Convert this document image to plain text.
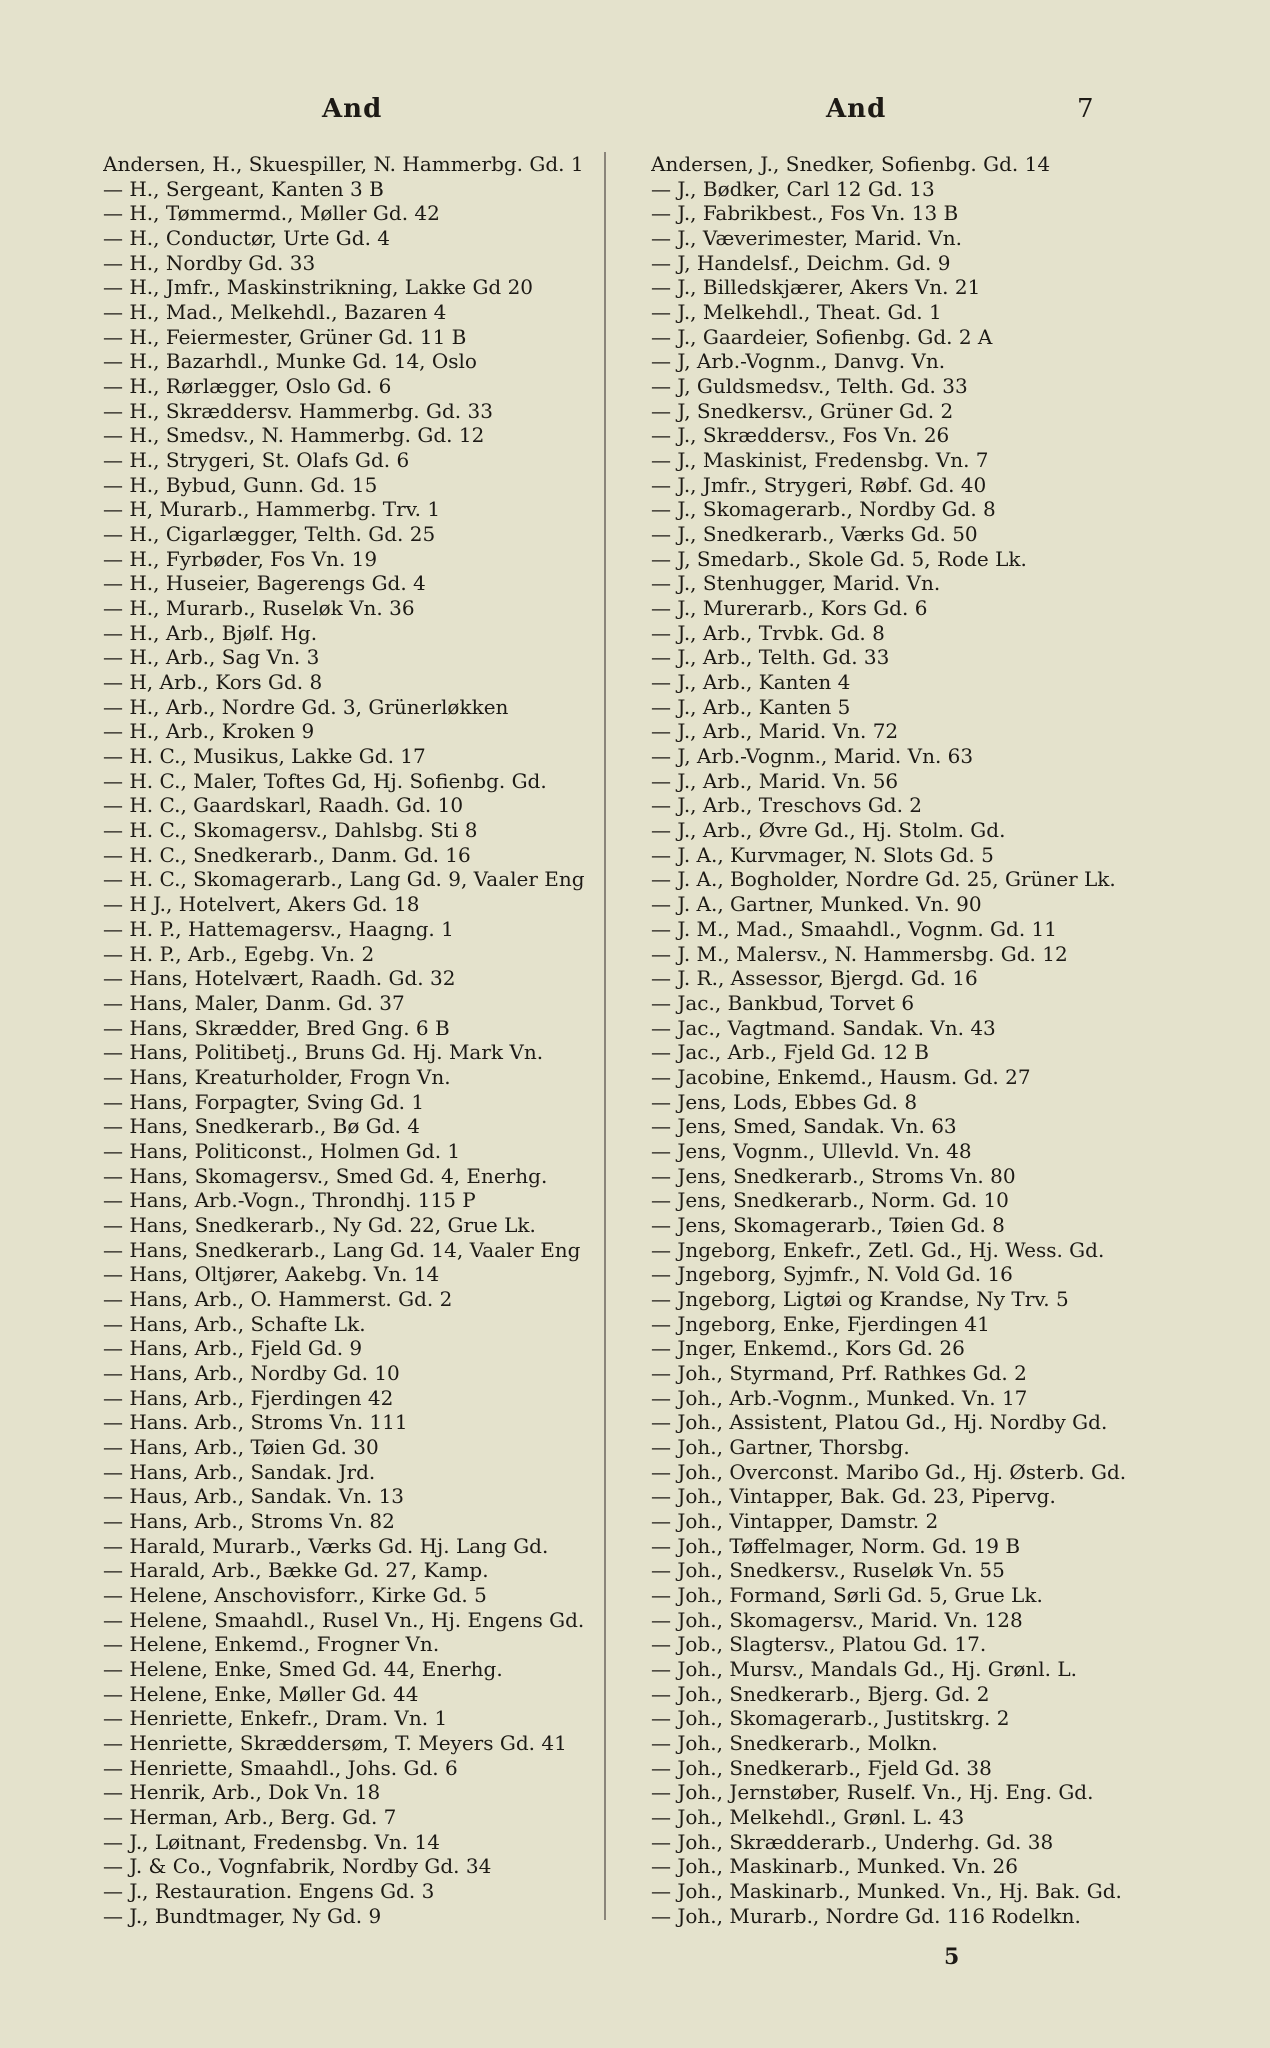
And	And	7
Andersen, H., Skuespiller, N. Hammerbg. Gd. 1
— H., Sergeant, Kanten 3 B
— H., Tømmermd., Møller Gd. 42
— H., Conductør, Urte Gd. 4
— H., Nordby Gd. 33
— H., Jmfr., Maskinstrikning, Lakke Gd 20
— H., Mad., Melkehdl., Bazaren 4
— H., Feiermester, Grüner Gd. 11 B
— H., Bazarhdl., Munke Gd. 14, Oslo
— H., Rørlægger, Oslo Gd. 6
— H., Skræddersv. Hammerbg. Gd. 33
— H., Smedsv., N. Hammerbg. Gd. 12
— H., Strygeri, St. Olafs Gd. 6
— H., Bybud, Gunn. Gd. 15
— H, Murarb., Hammerbg. Trv. 1
— H., Cigarlægger, Telth. Gd. 25
— H., Fyrbøder, Fos Vn. 19
— H., Huseier, Bagerengs Gd. 4
— H., Murarb., Ruseløk Vn. 36
— H., Arb., Bjølf. Hg.
— H., Arb., Sag Vn. 3
— H, Arb., Kors Gd. 8
— H., Arb., Nordre Gd. 3, Grünerløkken
— H., Arb., Kroken 9
— H. C., Musikus, Lakke Gd. 17
— H. C., Maler, Toftes Gd, Hj. Sofienbg. Gd.
— H. C., Gaardskarl, Raadh. Gd. 10
— H. C., Skomagersv., Dahlsbg. Sti 8
— H. C., Snedkerarb., Danm. Gd. 16
— H. C., Skomagerarb., Lang Gd. 9, Vaaler Eng
— H J., Hotelvert, Akers Gd. 18
— H. P., Hattemagersv., Haagng. 1
— H. P., Arb., Egebg. Vn. 2
— Hans, Hotelvært, Raadh. Gd. 32
— Hans, Maler, Danm. Gd. 37
— Hans, Skrædder, Bred Gng. 6 B
— Hans, Politibetj., Bruns Gd. Hj. Mark Vn.
— Hans, Kreaturholder, Frogn Vn.
— Hans, Forpagter, Sving Gd. 1
— Hans, Snedkerarb., Bø Gd. 4
— Hans, Politiconst., Holmen Gd. 1
— Hans, Skomagersv., Smed Gd. 4, Enerhg.
— Hans, Arb.-Vogn., Throndhj. 115 P
— Hans, Snedkerarb., Ny Gd. 22, Grue Lk.
— Hans, Snedkerarb., Lang Gd. 14, Vaaler Eng
— Hans, Oltjører, Aakebg. Vn. 14
— Hans, Arb., O. Hammerst. Gd. 2
— Hans, Arb., Schafte Lk.
— Hans, Arb., Fjeld Gd. 9
— Hans, Arb., Nordby Gd. 10
— Hans, Arb., Fjerdingen 42
— Hans. Arb., Stroms Vn. 111
— Hans, Arb., Tøien Gd. 30
— Hans, Arb., Sandak. Jrd.
— Haus, Arb., Sandak. Vn. 13
— Hans, Arb., Stroms Vn. 82
— Harald, Murarb., Værks Gd. Hj. Lang Gd.
— Harald, Arb., Bække Gd. 27, Kamp.
— Helene, Anschovisforr., Kirke Gd. 5
— Helene, Smaahdl., Rusel Vn., Hj. Engens Gd.
— Helene, Enkemd., Frogner Vn.
— Helene, Enke, Smed Gd. 44, Enerhg.
— Helene, Enke, Møller Gd. 44
— Henriette, Enkefr., Dram. Vn. 1
— Henriette, Skræddersøm, T. Meyers Gd. 41
— Henriette, Smaahdl., Johs. Gd. 6
— Henrik, Arb., Dok Vn. 18
— Herman, Arb., Berg. Gd. 7
— J., Løitnant, Fredensbg. Vn. 14
— J. & Co., Vognfabrik, Nordby Gd. 34
— J., Restauration. Engens Gd. 3
— J., Bundtmager, Ny Gd. 9
Andersen, J., Snedker, Sofienbg. Gd. 14
— J., Bødker, Carl 12 Gd. 13
— J., Fabrikbest., Fos Vn. 13 B
— J., Væverimester, Marid. Vn.
— J, Handelsf., Deichm. Gd. 9
— J., Billedskjærer, Akers Vn. 21
— J., Melkehdl., Theat. Gd. 1
— J., Gaardeier, Sofienbg. Gd. 2 A
— J, Arb.-Vognm., Danvg. Vn.
— J, Guldsmedsv., Telth. Gd. 33
— J, Snedkersv., Grüner Gd. 2
— J., Skræddersv., Fos Vn. 26
— J., Maskinist, Fredensbg. Vn. 7
— J., Jmfr., Strygeri, Røbf. Gd. 40
— J., Skomagerarb., Nordby Gd. 8
— J., Snedkerarb., Værks Gd. 50
— J, Smedarb., Skole Gd. 5, Rode Lk.
— J., Stenhugger, Marid. Vn.
— J., Murerarb., Kors Gd. 6
— J., Arb., Trvbk. Gd. 8
— J., Arb., Telth. Gd. 33
— J., Arb., Kanten 4
— J., Arb., Kanten 5
— J., Arb., Marid. Vn. 72
— J, Arb.-Vognm., Marid. Vn. 63
— J., Arb., Marid. Vn. 56
— J., Arb., Treschovs Gd. 2
— J., Arb., Øvre Gd., Hj. Stolm. Gd.
— J. A., Kurvmager, N. Slots Gd. 5
— J. A., Bogholder, Nordre Gd. 25, Grüner Lk.
— J. A., Gartner, Munked. Vn. 90
— J. M., Mad., Smaahdl., Vognm. Gd. 11
— J. M., Malersv., N. Hammersbg. Gd. 12
— J. R., Assessor, Bjergd. Gd. 16
— Jac., Bankbud, Torvet 6
— Jac., Vagtmand. Sandak. Vn. 43
— Jac., Arb., Fjeld Gd. 12 B
— Jacobine, Enkemd., Hausm. Gd. 27
— Jens, Lods, Ebbes Gd. 8
— Jens, Smed, Sandak. Vn. 63
— Jens, Vognm., Ullevld. Vn. 48
— Jens, Snedkerarb., Stroms Vn. 80
— Jens, Snedkerarb., Norm. Gd. 10
— Jens, Skomagerarb., Tøien Gd. 8
— Jngeborg, Enkefr., Zetl. Gd., Hj. Wess. Gd.
— Jngeborg, Syjmfr., N. Vold Gd. 16
— Jngeborg, Ligtøi og Krandse, Ny Trv. 5
— Jngeborg, Enke, Fjerdingen 41
— Jnger, Enkemd., Kors Gd. 26
— Joh., Styrmand, Prf. Rathkes Gd. 2
— Joh., Arb.-Vognm., Munked. Vn. 17
— Joh., Assistent, Platou Gd., Hj. Nordby Gd.
— Joh., Gartner, Thorsbg.
— Joh., Overconst. Maribo Gd., Hj. Østerb. Gd.
— Joh., Vintapper, Bak. Gd. 23, Pipervg.
— Joh., Vintapper, Damstr. 2
— Joh., Tøffelmager, Norm. Gd. 19 B
— Joh., Snedkersv., Ruseløk Vn. 55
— Joh., Formand, Sørli Gd. 5, Grue Lk.
— Joh., Skomagersv., Marid. Vn. 128
— Job., Slagtersv., Platou Gd. 17.
— Joh., Mursv., Mandals Gd., Hj. Grønl. L.
— Joh., Snedkerarb., Bjerg. Gd. 2
— Joh., Skomagerarb., Justitskrg. 2
— Joh., Snedkerarb., Molkn.
— Joh., Snedkerarb., Fjeld Gd. 38
— Joh., Jernstøber, Ruself. Vn., Hj. Eng. Gd.
— Joh., Melkehdl., Grønl. L. 43
— Joh., Skrædderarb., Underhg. Gd. 38
— Joh., Maskinarb., Munked. Vn. 26
— Joh., Maskinarb., Munked. Vn., Hj. Bak. Gd.
— Joh., Murarb., Nordre Gd. 116 Rodelkn.
5
